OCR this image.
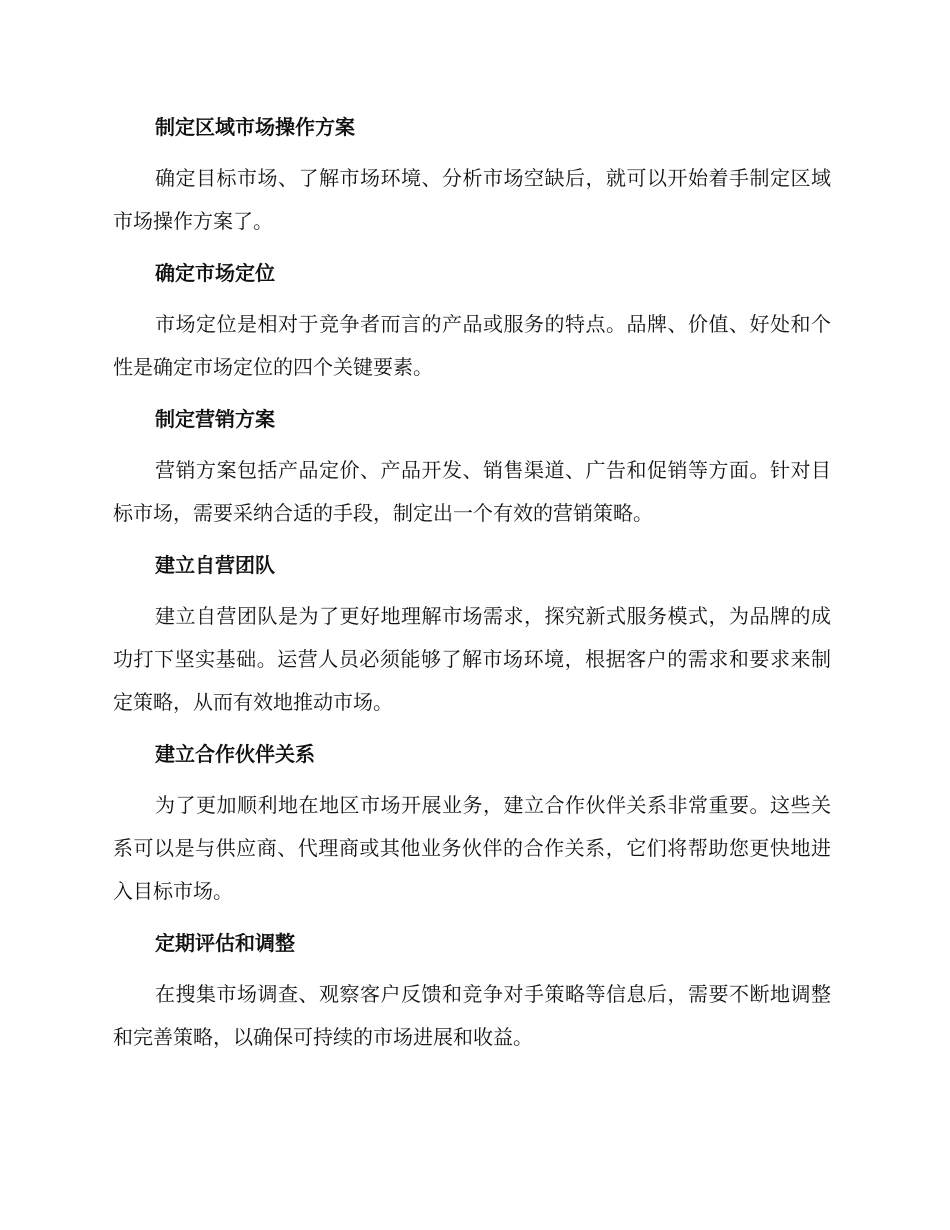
制定区域市场操作方案

确定目标市场、了解市场环境、分析市场空缺后，就可以开始着手制定区域市场操作方案了。

确定市场定位

市场定位是相对于竞争者而言的产品或服务的特点。品牌、价值、好处和个性是确定市场定位的四个关键要素。

制定营销方案

营销方案包括产品定价、产品开发、销售渠道、广告和促销等方面。针对目标市场，需要采纳合适的手段，制定出一个有效的营销策略。

建立自营团队

建立自营团队是为了更好地理解市场需求，探究新式服务模式，为品牌的成功打下坚实基础。运营人员必须能够了解市场环境，根据客户的需求和要求来制定策略，从而有效地推动市场。

建立合作伙伴关系

为了更加顺利地在地区市场开展业务，建立合作伙伴关系非常重要。这些关系可以是与供应商、代理商或其他业务伙伴的合作关系，它们将帮助您更快地进入目标市场。

定期评估和调整

在搜集市场调查、观察客户反馈和竞争对手策略等信息后，需要不断地调整和完善策略，以确保可持续的市场进展和收益。
